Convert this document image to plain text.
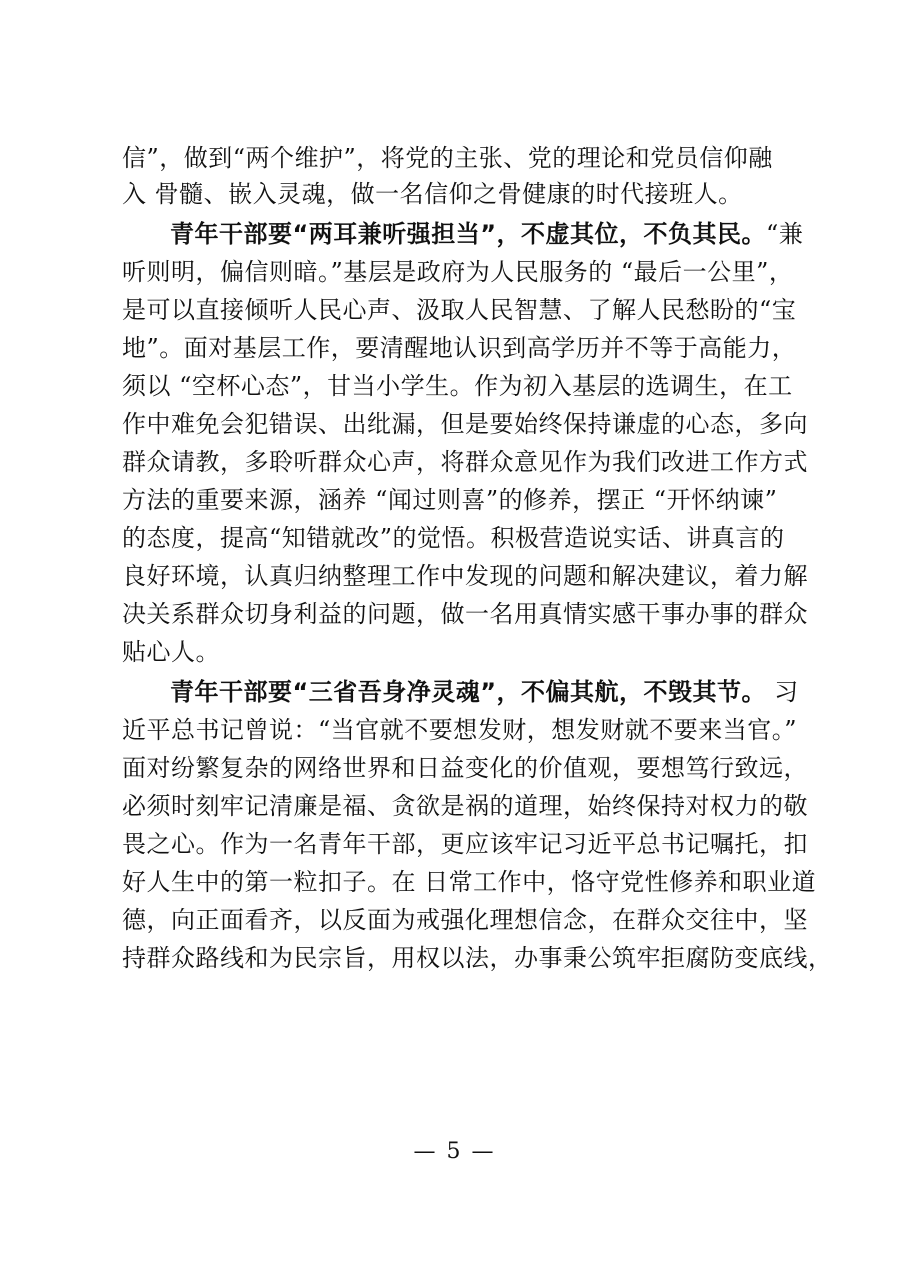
信”，做到“两个维护”，将党的主张、党的理论和党员信仰融
入 骨髓、嵌入灵魂，做一名信仰之骨健康的时代接班人。
青年干部要“两耳兼听强担当”，不虚其位，不负其民。“兼
听则明，偏信则暗。”基层是政府为人民服务的 “最后一公里”，
是可以直接倾听人民心声、汲取人民智慧、了解人民愁盼的“宝
地”。面对基层工作，要清醒地认识到高学历并不等于高能力，
须以 “空杯心态”，甘当小学生。作为初入基层的选调生，在工
作中难免会犯错误、出纰漏，但是要始终保持谦虚的心态，多向
群众请教，多聆听群众心声，将群众意见作为我们改进工作方式
方法的重要来源，涵养 “闻过则喜”的修养，摆正 “开怀纳谏”
的态度，提高“知错就改”的觉悟。积极营造说实话、讲真言的
良好环境，认真归纳整理工作中发现的问题和解决建议，着力解
决关系群众切身利益的问题，做一名用真情实感干事办事的群众
贴心人。
青年干部要“三省吾身净灵魂”，不偏其航，不毁其节。 习
近平总书记曾说：“当官就不要想发财，想发财就不要来当官。”
面对纷繁复杂的网络世界和日益变化的价值观，要想笃行致远，
必须时刻牢记清廉是福、贪欲是祸的道理，始终保持对权力的敬
畏之心。作为一名青年干部，更应该牢记习近平总书记嘱托，扣
好人生中的第一粒扣子。在 日常工作中，恪守党性修养和职业道
德，向正面看齐，以反面为戒强化理想信念，在群众交往中，坚
持群众路线和为民宗旨，用权以法，办事秉公筑牢拒腐防变底线，
— 5 —
